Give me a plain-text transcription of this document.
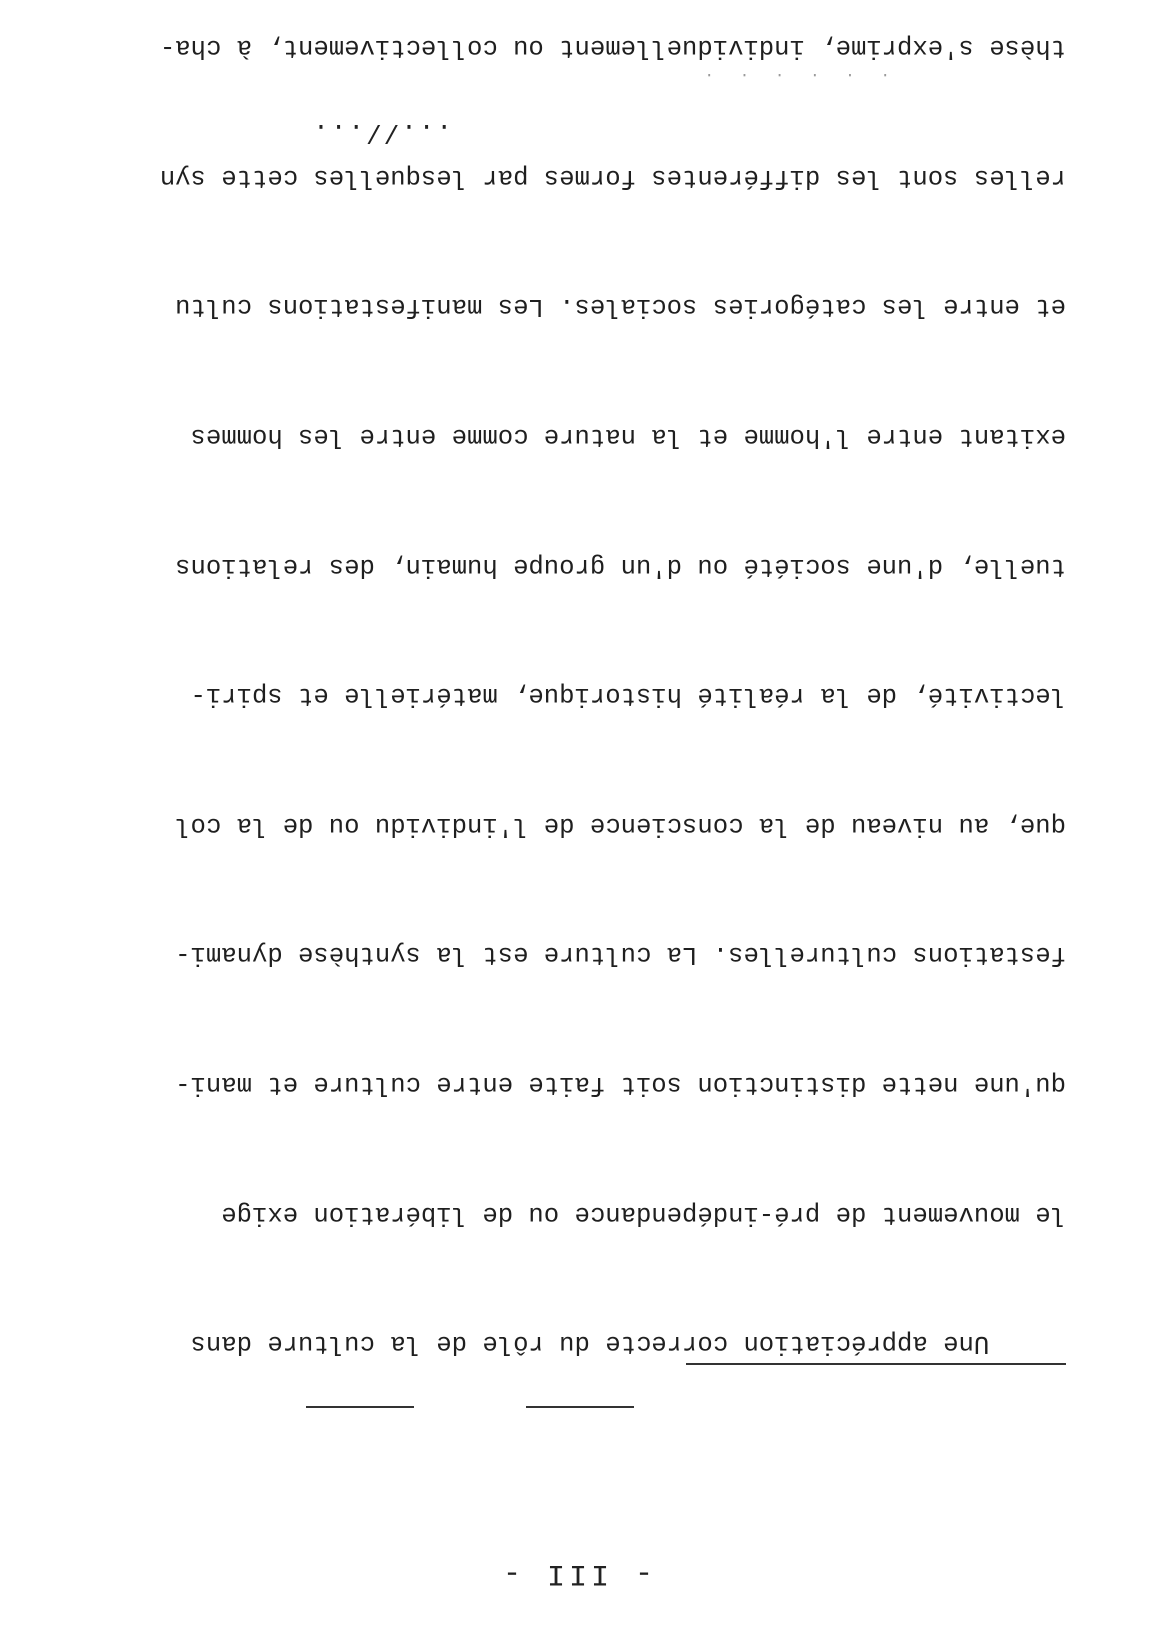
- III -

Une appréciation correcte du rôle de la culture dans

le mouvement de pré-indépendance ou de libération exige

qu'une nette distinction soit faite entre culture et mani-

festations culturelles. La culture est la synthèse dynami-

que, au niveau de la conscience de l'individu ou de la col

lectivité, de la réalité historique, matérielle et spiri-

tuelle, d'une société ou d'un groupe humain, des relations

exitant entre l'homme et la nature comme entre les hommes

et entre les catégories sociales. Les manifestations cultu

relles sont les différentes formes par lesquelles cette syn

thèse s'exprime, individuellement ou collectivement, à cha-

...//...
. . . . . .
